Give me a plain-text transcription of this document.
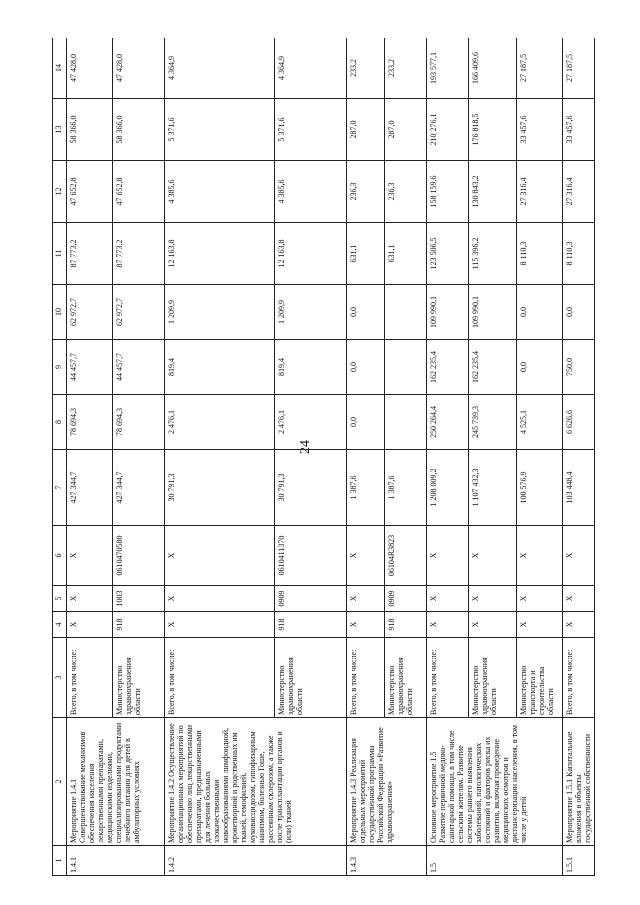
24
1	2	3	4	5	6	7	8	9	10	11	12	13	14
1.4.1	Мероприятие 1.4.1 Совершенствование механизмов обеспечения населения лекарственными препаратами, медицинскими изделиями, специализированными продуктами лечебного питания для детей в амбулаторных условиях	Всего, в том числе:	X	X	X	427 344,7	78 694,3	44 457,7	62 972,7	87 773,2	47 652,8	58 366,0	47 428,0
		Министерство здравоохранения области	918	1003	0610470580	427 344,7	78 694,3	44 457,7	62 972,7	87 773,2	47 652,8	58 366,0	47 428,0
1.4.2	Мероприятие 1.4.2 Осуществление организационных мероприятий по обеспечению лиц лекарственными препаратами, предназначенными для лечения больных злокачественными новообразованиями лимфоидной, кроветворной и родственных им тканей, гемофилией, муковисцидозом, гипофизарным нанизмом, болезнью Гоше, рассеянным склерозом, а также после трансплантации органов и (или) тканей	Всего, в том числе:	X	X	X	30 791,3	2 476,1	819,4	1 209,9	12 163,8	4 385,6	5 371,6	4 364,9
		Министерство здравоохранения области	918	0909	0610411370	30 791,3	2 476,1	819,4	1 209,9	12 163,8	4 385,6	5 371,6	4 364,9
1.4.3	Мероприятие 1.4.3 Реализация отдельных мероприятий государственной программы Российской Федерации «Развитие здравоохранения»	Всего, в том числе:	X	X	X	1 387,6	0,0	0,0	0,0	631,1	236,3	287,0	233,2
		Министерство здравоохранения области	918	0909	06104R3823	1 387,6				631,1	236,3	287,0	233,2
1.5	Основное мероприятие 1.5 Развитие первичной медико-санитарной помощи, в том числе сельским жителям. Развитие системы раннего выявления заболеваний, патологических состояний и факторов риска их развития, включая проведение медицинских осмотров и диспансеризации населения, в том числе у детей	Всего, в том числе:	X	X	X	1 208 009,2	250 264,4	162 235,4	109 990,1	123 506,5	158 159,6	210 276,1	193 577,1
		Министерство здравоохранения области	X	X	X	1 107 432,3	245 739,3	162 235,4	109 990,1	115 396,2	130 843,2	176 818,5	166 409,6
		Министерство транспорта и строительства области	X	X	X	100 576,9	4 525,1	0,0	0,0	8 110,3	27 316,4	33 457,6	27 187,5
1.5.1	Мероприятие 1.5.1 Капитальные вложения в объекты государственной собственности	Всего, в том числе:	X	X	X	103 448,4	6 626,6	750,0	0,0	8 110,3	27 316,4	33 457,6	27 187,5
